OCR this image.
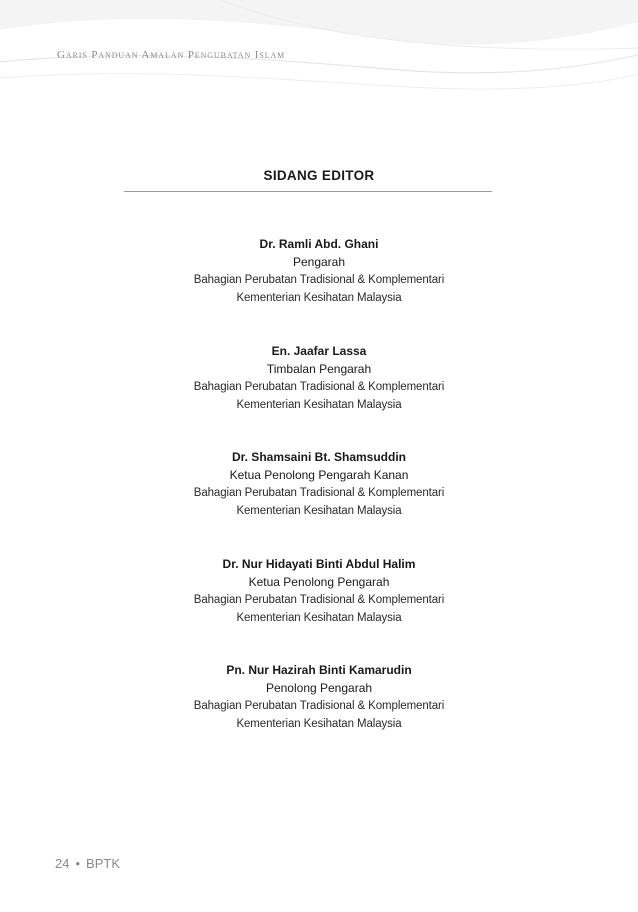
Garis Panduan Amalan Pengubatan Islam
SIDANG EDITOR
Dr. Ramli Abd. Ghani
Pengarah
Bahagian Perubatan Tradisional & Komplementari
Kementerian Kesihatan Malaysia
En. Jaafar Lassa
Timbalan Pengarah
Bahagian Perubatan Tradisional & Komplementari
Kementerian Kesihatan Malaysia
Dr. Shamsaini Bt. Shamsuddin
Ketua Penolong Pengarah Kanan
Bahagian Perubatan Tradisional & Komplementari
Kementerian Kesihatan Malaysia
Dr. Nur Hidayati Binti Abdul Halim
Ketua Penolong Pengarah
Bahagian Perubatan Tradisional & Komplementari
Kementerian Kesihatan Malaysia
Pn. Nur Hazirah Binti Kamarudin
Penolong Pengarah
Bahagian Perubatan Tradisional & Komplementari
Kementerian Kesihatan Malaysia
24 • BPTK
